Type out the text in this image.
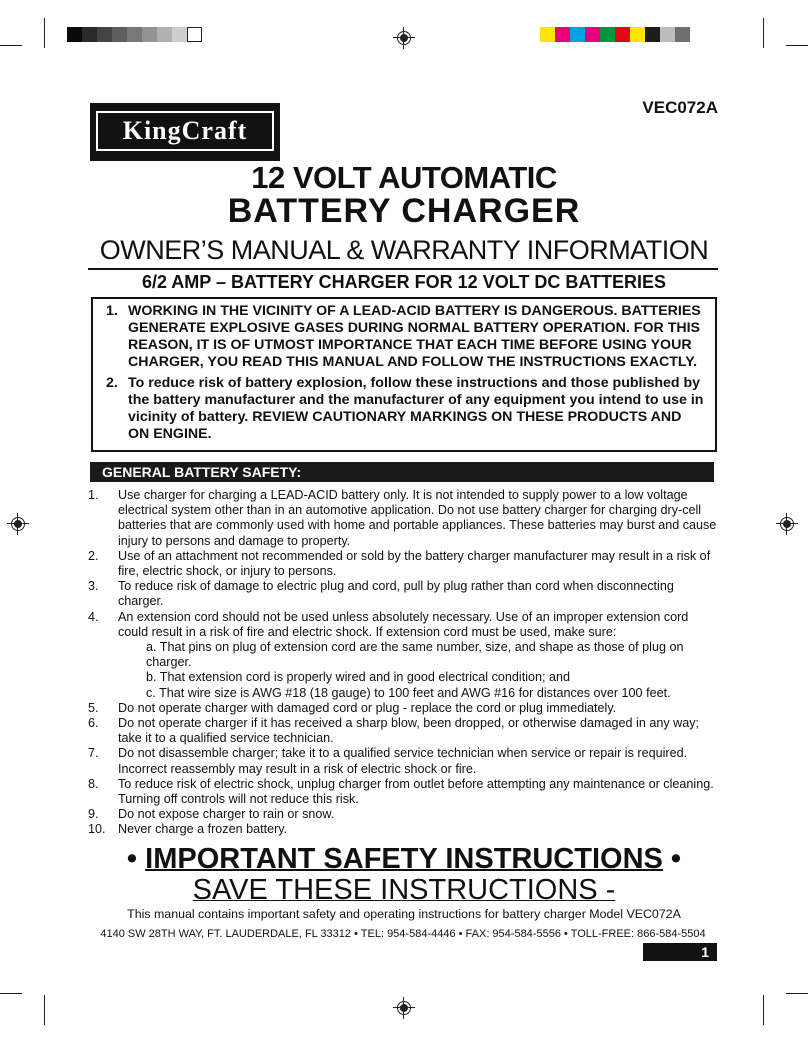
VEC072A
KingCraft
12 VOLT AUTOMATIC
BATTERY CHARGER
OWNER’S MANUAL & WARRANTY INFORMATION
6/2 AMP – BATTERY CHARGER FOR 12 VOLT DC BATTERIES
1. WORKING IN THE VICINITY OF A LEAD-ACID BATTERY IS DANGEROUS. BATTERIES GENERATE EXPLOSIVE GASES DURING NORMAL BATTERY OPERATION. FOR THIS REASON, IT IS OF UTMOST IMPORTANCE THAT EACH TIME BEFORE USING YOUR CHARGER, YOU READ THIS MANUAL AND FOLLOW THE INSTRUCTIONS EXACTLY.
2. To reduce risk of battery explosion, follow these instructions and those published by the battery manufacturer and the manufacturer of any equipment you intend to use in vicinity of battery. REVIEW CAUTIONARY MARKINGS ON THESE PRODUCTS AND ON ENGINE.
GENERAL BATTERY SAFETY:
1. Use charger for charging a LEAD-ACID battery only. It is not intended to supply power to a low voltage electrical system other than in an automotive application. Do not use battery charger for charging dry-cell batteries that are commonly used with home and portable appliances. These batteries may burst and cause injury to persons and damage to property.
2. Use of an attachment not recommended or sold by the battery charger manufacturer may result in a risk of fire, electric shock, or injury to persons.
3. To reduce risk of damage to electric plug and cord, pull by plug rather than cord when disconnecting charger.
4. An extension cord should not be used unless absolutely necessary. Use of an improper extension cord could result in a risk of fire and electric shock. If extension cord must be used, make sure:
a. That pins on plug of extension cord are the same number, size, and shape as those of plug on charger.
b. That extension cord is properly wired and in good electrical condition; and
c. That wire size is AWG #18 (18 gauge) to 100 feet and AWG #16 for distances over 100 feet.
5. Do not operate charger with damaged cord or plug - replace the cord or plug immediately.
6. Do not operate charger if it has received a sharp blow, been dropped, or otherwise damaged in any way; take it to a qualified service technician.
7. Do not disassemble charger; take it to a qualified service technician when service or repair is required. Incorrect reassembly may result in a risk of electric shock or fire.
8. To reduce risk of electric shock, unplug charger from outlet before attempting any maintenance or cleaning. Turning off controls will not reduce this risk.
9. Do not expose charger to rain or snow.
10. Never charge a frozen battery.
• IMPORTANT SAFETY INSTRUCTIONS •
SAVE THESE INSTRUCTIONS -
This manual contains important safety and operating instructions for battery charger Model VEC072A
4140 SW 28TH WAY, FT. LAUDERDALE, FL 33312 • TEL: 954-584-4446 • FAX: 954-584-5556 • TOLL-FREE: 866-584-5504
1
